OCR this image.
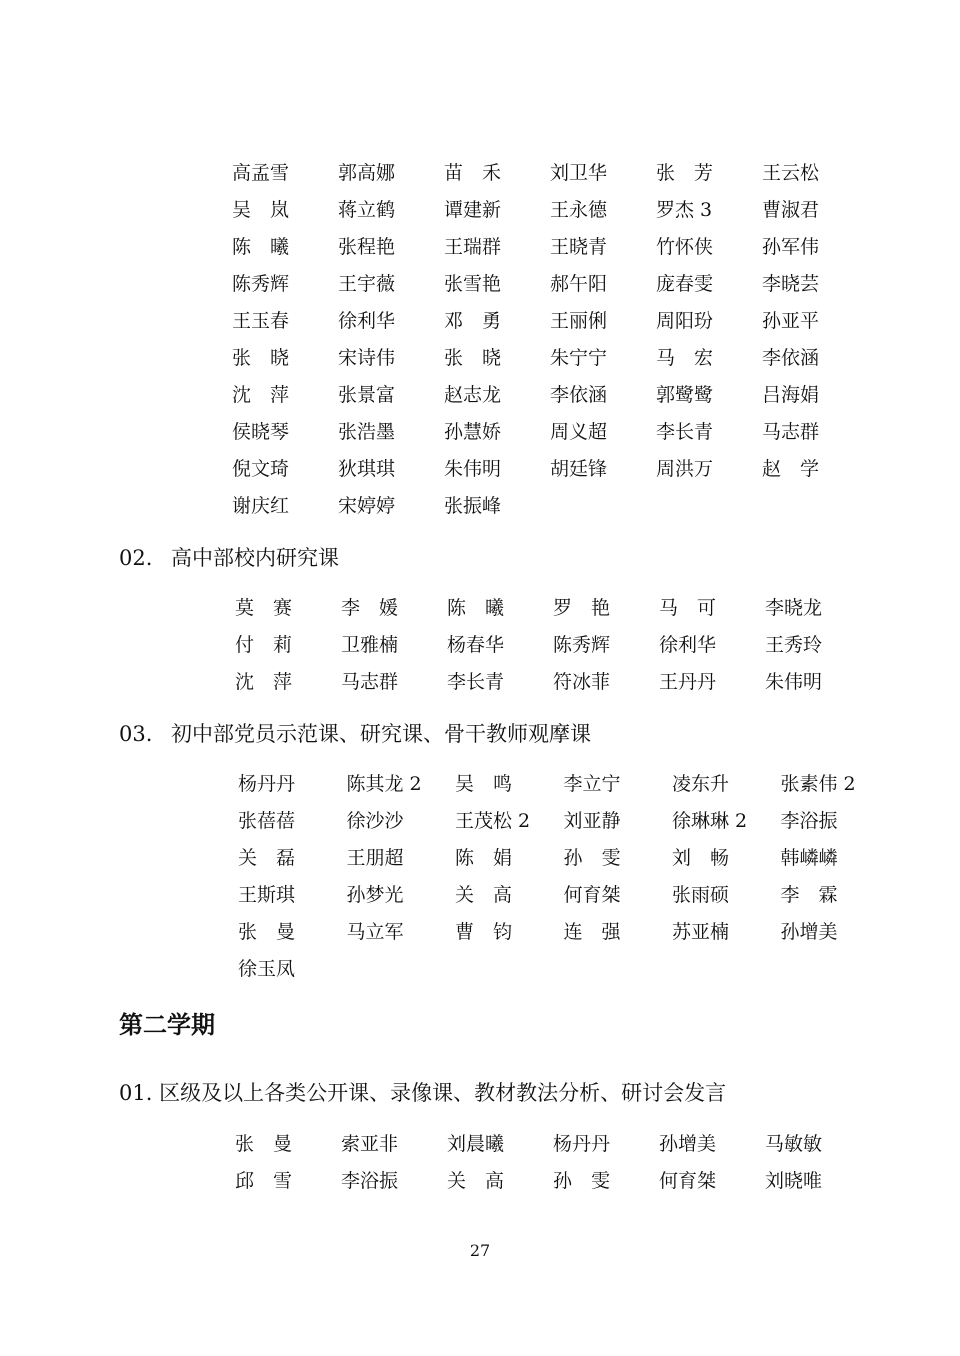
高孟雪	郭高娜	苗　禾	刘卫华	张　芳	王云松
吴　岚	蒋立鹤	谭建新	王永德	罗杰 3	曹淑君
陈　曦	张程艳	王瑞群	王晓青	竹怀侠	孙军伟
陈秀辉	王宇薇	张雪艳	郝午阳	庞春雯	李晓芸
王玉春	徐利华	邓　勇	王丽俐	周阳玢	孙亚平
张　晓	宋诗伟	张　晓	朱宁宁	马　宏	李依涵
沈　萍	张景富	赵志龙	李依涵	郭鹭鹭	吕海娟
侯晓琴	张浩墨	孙慧娇	周义超	李长青	马志群
倪文琦	狄琪琪	朱伟明	胡廷锋	周洪万	赵　学
谢庆红	宋婷婷	张振峰
02. 高中部校内研究课
莫　赛	李　媛	陈　曦	罗　艳	马　可	李晓龙
付　莉	卫雅楠	杨春华	陈秀辉	徐利华	王秀玲
沈　萍	马志群	李长青	符冰菲	王丹丹	朱伟明
03. 初中部党员示范课、研究课、骨干教师观摩课
杨丹丹	陈其龙 2	吴　鸣	李立宁	凌东升	张素伟 2
张蓓蓓	徐沙沙	王茂松 2	刘亚静	徐琳琳 2	李浴振
关　磊	王朋超	陈　娟	孙　雯	刘　畅	韩嶙嶙
王斯琪	孙梦光	关　高	何育桀	张雨硕	李　霖
张　曼	马立军	曹　钧	连　强	苏亚楠	孙增美
徐玉凤
第二学期
01. 区级及以上各类公开课、录像课、教材教法分析、研讨会发言
张　曼	索亚非	刘晨曦	杨丹丹	孙增美	马敏敏
邱　雪	李浴振	关　高	孙　雯	何育桀	刘晓唯
27
